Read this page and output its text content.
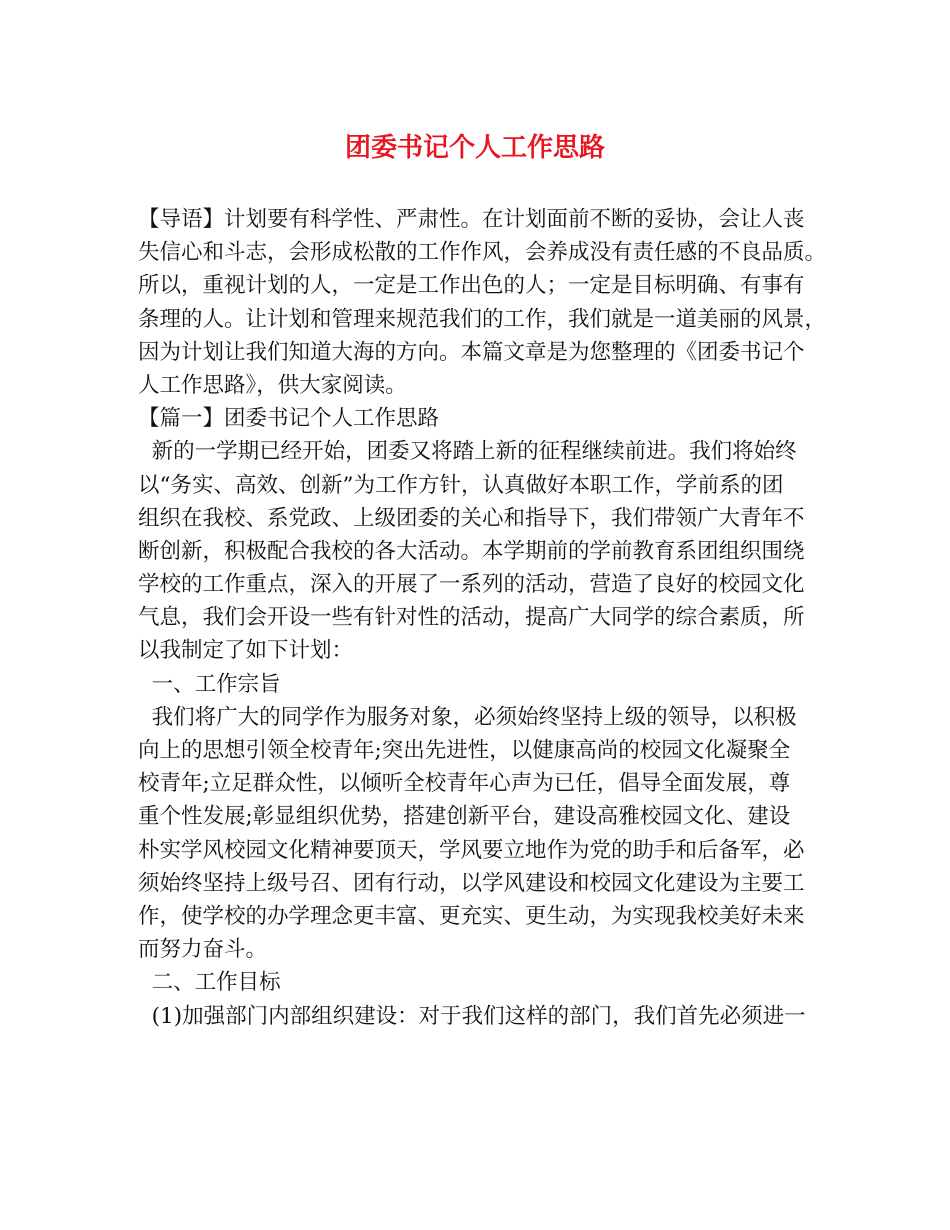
团委书记个人工作思路
【导语】计划要有科学性、严肃性。在计划面前不断的妥协，会让人丧
失信心和斗志，会形成松散的工作作风，会养成没有责任感的不良品质。
所以，重视计划的人，一定是工作出色的人；一定是目标明确、有事有
条理的人。让计划和管理来规范我们的工作，我们就是一道美丽的风景，
因为计划让我们知道大海的方向。本篇文章是为您整理的《团委书记个
人工作思路》，供大家阅读。
【篇一】团委书记个人工作思路
新的一学期已经开始，团委又将踏上新的征程继续前进。我们将始终
以“务实、高效、创新”为工作方针，认真做好本职工作，学前系的团
组织在我校、系党政、上级团委的关心和指导下，我们带领广大青年不
断创新，积极配合我校的各大活动。本学期前的学前教育系团组织围绕
学校的工作重点，深入的开展了一系列的活动，营造了良好的校园文化
气息，我们会开设一些有针对性的活动，提高广大同学的综合素质，所
以我制定了如下计划：
一、工作宗旨
我们将广大的同学作为服务对象，必须始终坚持上级的领导，以积极
向上的思想引领全校青年;突出先进性，以健康高尚的校园文化凝聚全
校青年;立足群众性，以倾听全校青年心声为已任，倡导全面发展，尊
重个性发展;彰显组织优势，搭建创新平台，建设高雅校园文化、建设
朴实学风校园文化精神要顶天，学风要立地作为党的助手和后备军，必
须始终坚持上级号召、团有行动，以学风建设和校园文化建设为主要工
作，使学校的办学理念更丰富、更充实、更生动，为实现我校美好未来
而努力奋斗。
二、工作目标
(1)加强部门内部组织建设：对于我们这样的部门，我们首先必须进一
